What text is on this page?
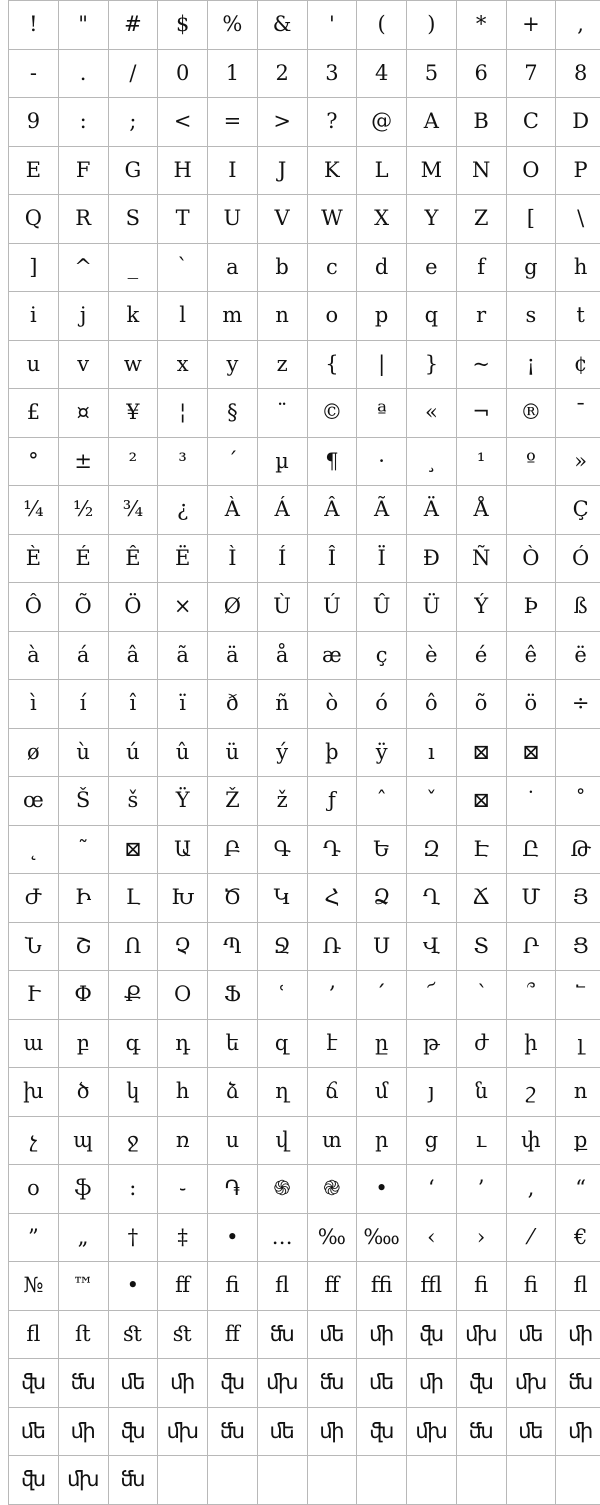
!	"	#	$	%	&	'	(	)	*	+	,
-	.	/	0	1	2	3	4	5	6	7	8
9	:	;	<	=	>	?	@	A	B	C	D
E	F	G	H	I	J	K	L	M	N	O	P
Q	R	S	T	U	V	W	X	Y	Z	[	\
]	^	_	`	a	b	c	d	e	f	g	h
i	j	k	l	m	n	o	p	q	r	s	t
u	v	w	x	y	z	{	|	}	~	¡	¢
£	¤	¥	¦	§	¨	©	ª	«	¬	®	¯
°	±	²	³	´	µ	¶	·	¸	¹	º	»
¼	½	¾	¿	À	Á	Â	Ã	Ä	Å		Ç
È	É	Ê	Ë	Ì	Í	Î	Ï	Ð	Ñ	Ò	Ó
Ô	Õ	Ö	×	Ø	Ù	Ú	Û	Ü	Ý	Þ	ß
à	á	â	ã	ä	å	æ	ç	è	é	ê	ë
ì	í	î	ï	ð	ñ	ò	ó	ô	õ	ö	÷
ø	ù	ú	û	ü	ý	þ	ÿ	ı	⊠	⊠	
œ	Š	š	Ÿ	Ž	ž	ƒ	ˆ	ˇ	⊠	˙	˚
˛	˜	⊠	Ա	Բ	Գ	Դ	Ե	Զ	Է	Ը	Թ
Ժ	Ի	Լ	Խ	Ծ	Կ	Հ	Ձ	Ղ	Ճ	Մ	Յ
Ն	Շ	Ո	Չ	Պ	Ջ	Ռ	Ս	Վ	Տ	Ր	Ց
Ւ	Փ	Ք	Օ	Ֆ	ՙ	՚	՛	՜	՝	՞	՟
ա	բ	գ	դ	ե	զ	է	ը	թ	ժ	ի	լ
խ	ծ	կ	հ	ձ	ղ	ճ	մ	յ	ն	շ	ո
չ	պ	ջ	ռ	ս	վ	տ	ր	ց	ւ	փ	ք
օ	ֆ	։	֊	֏	֍	֎	•	‘	’	‚	“
”	„	†	‡	•	…	‰	‱	‹	›	⁄	€
№	™	•	ﬀ	ﬁ	ﬂ	ﬀ	ﬃ	ﬄ	ﬁ	ﬁ	ﬂ
ﬂ	ﬅ	ﬆ	ﬆ	ﬀ	ﬓ	ﬔ	ﬕ	ﬖ	ﬗ	ﬔ	ﬕ
ﬖ	ﬓ	ﬔ	ﬕ	ﬖ	ﬗ	ﬓ	ﬔ	ﬕ	ﬖ	ﬗ	ﬓ
ﬔ	ﬕ	ﬖ	ﬗ	ﬓ	ﬔ	ﬕ	ﬖ	ﬗ	ﬓ	ﬔ	ﬕ
ﬖ	ﬗ	ﬓ									
